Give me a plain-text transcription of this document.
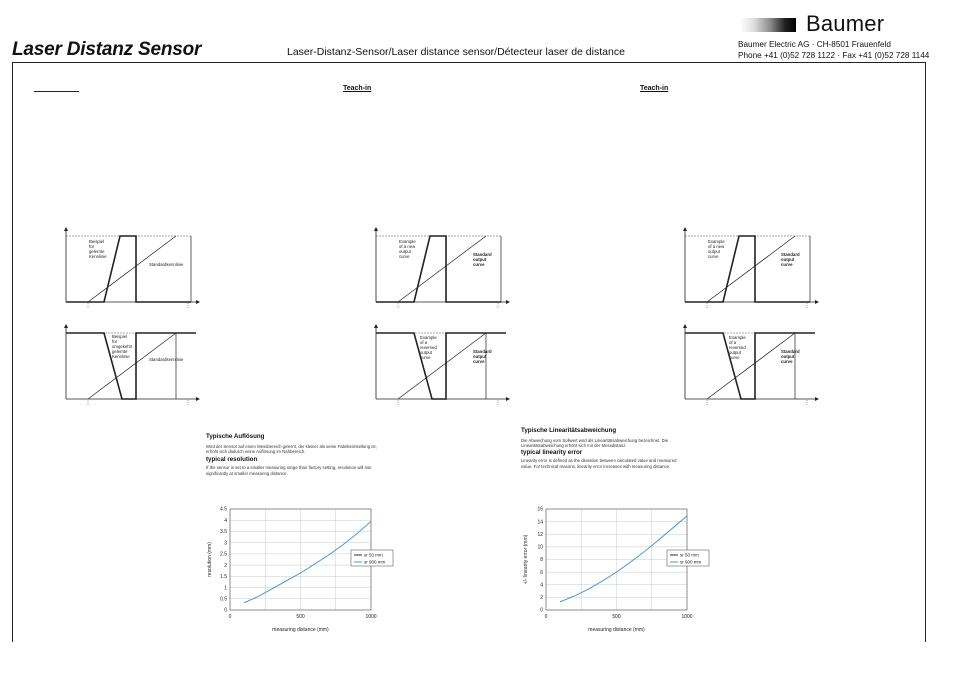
Laser Distanz Sensor	Laser-Distanz-Sensor/Laser distance sensor/Détecteur laser de distance
Baumer
Baumer Electric AG · CH-8501 Frauenfeld
Phone +41 (0)52 728 1122 · Fax +41 (0)52 728 1144
Teach-in	Teach-in
Beispiel
für
gelernte
Kennlinie
Standardkennlinie
Beispiel
für
umgekehrt
gelernte
Kennlinie
Standardkennlinie
Example
of a new
output
curve	Standard
output
curve
Example
of a
reversed
output
curve
Standard
output
curve
Example
of a new
output
curve	Standard
output
curve
Example
of a
reversed
output
curve
Standard
output
curve
Typische Auflösung
Wird der Sensor auf einen Messbereich gelernt, der kleiner als seine Fabrikeinstellung ist, erhöht sich dadurch seine Auflösung im Nahbereich.
typical resolution
If the sensor is set to a smaller measuring range than factory setting, resolution will rise significantly at smaller measuring distance.
Typische Linearitätsabweichung
Die Abweichung vom Sollwert wird als Linearitätsabweichung bezeichnet. Die Linearitätsabweichung erhöht sich mit der Messdistanz.
typical linearity error
Linearity error is defined as the deviation between calculated value and measured value. For technical reasons, linearity error increases with measuring distance.
0
0.5
1
1.5
2
2.5
3
3.5
4
4.5
0	500	1000
measuring distance (mm)
resolution (mm)	sr 50 mm
sr 900 mm
0
2
4
6
8
10
12
14
16
0	500	1000
measuring distance (mm)
+/- linearity error (mm)	sr 50 mm
sr 900 mm
